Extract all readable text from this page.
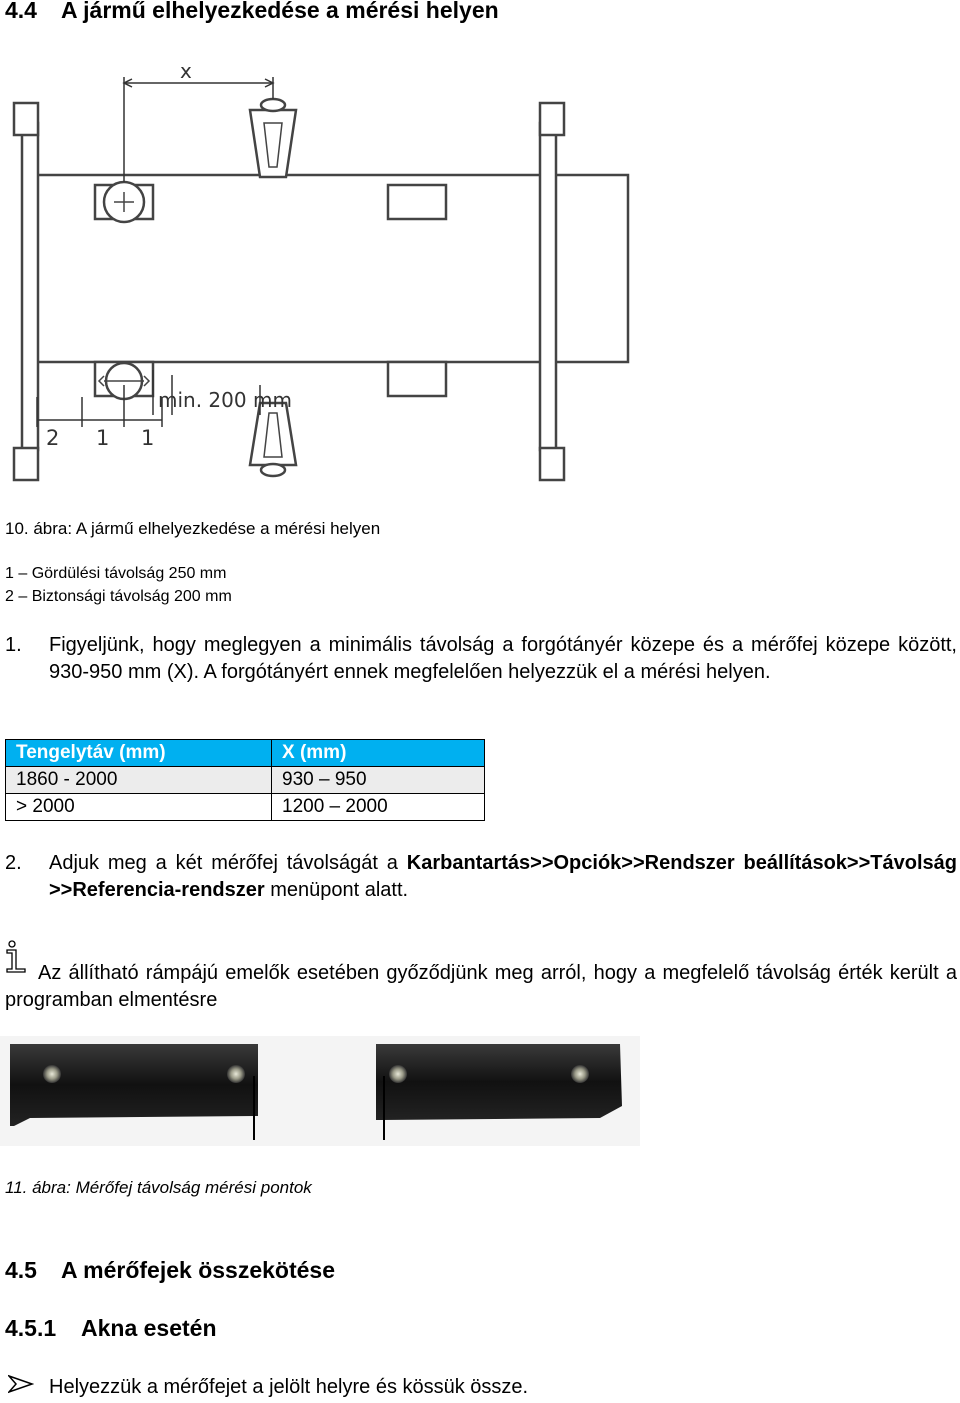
4.4 A jármű elhelyezkedése a mérési helyen
x
min. 200 mm
2 1 1
10. ábra: A jármű elhelyezkedése a mérési helyen
1 – Gördülési távolság 250 mm
2 – Biztonsági távolság 200 mm
1. Figyeljünk, hogy meglegyen a minimális távolság a forgótányér közepe és a mérőfej közepe között, 930-950 mm (X). A forgótányért ennek megfelelően helyezzük el a mérési helyen.
Tengelytáv (mm)	X (mm)
1860 - 2000	930 – 950
> 2000	1200 – 2000
2. Adjuk meg a két mérőfej távolságát a Karbantartás>>Opciók>>Rendszer beállítások>>Távolság >>Referencia-rendszer menüpont alatt.
Az állítható rámpájú emelők esetében győződjünk meg arról, hogy a megfelelő távolság érték került a programban elmentésre
11. ábra: Mérőfej távolság mérési pontok
4.5 A mérőfejek összekötése
4.5.1 Akna esetén
Helyezzük a mérőfejet a jelölt helyre és kössük össze.
